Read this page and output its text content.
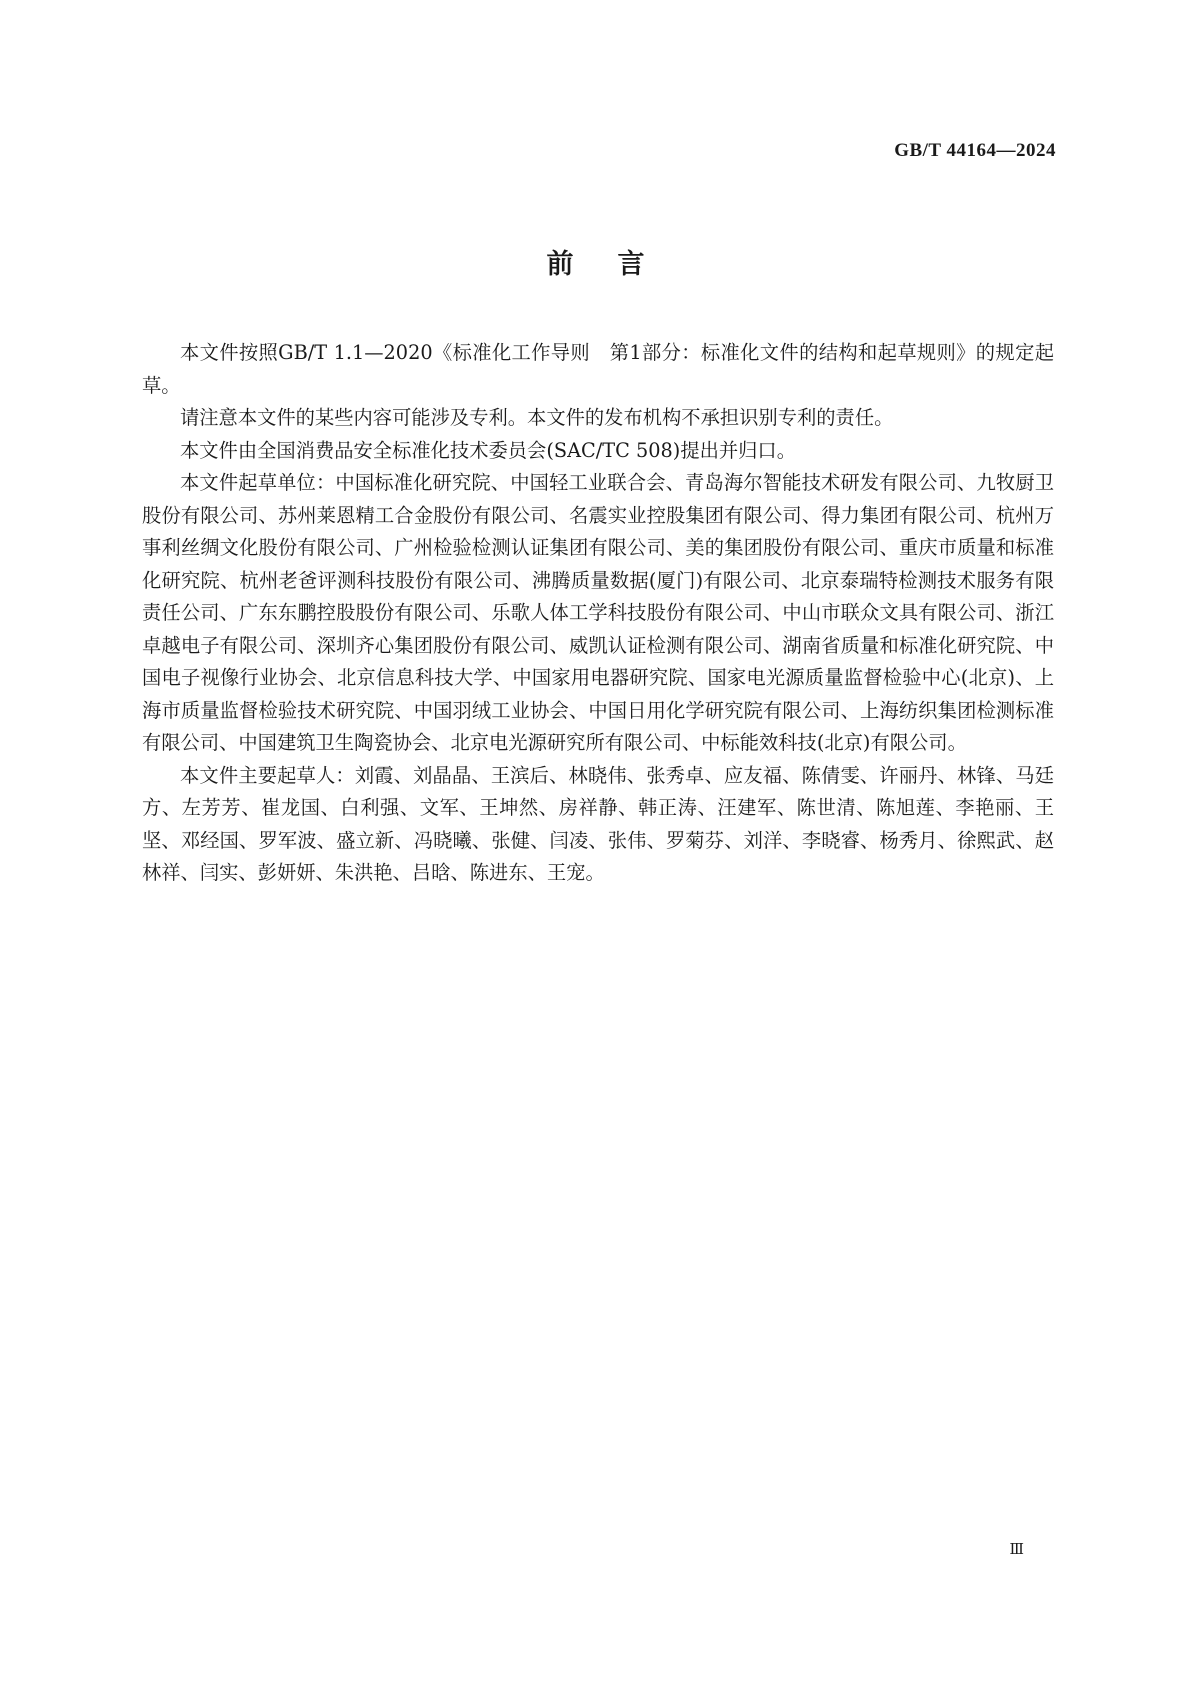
GB/T 44164—2024
前言

本文件按照GB/T 1.1—2020《标准化工作导则　第1部分：标准化文件的结构和起草规则》的规定起草。

请注意本文件的某些内容可能涉及专利。本文件的发布机构不承担识别专利的责任。

本文件由全国消费品安全标准化技术委员会(SAC/TC 508)提出并归口。

本文件起草单位：中国标准化研究院、中国轻工业联合会、青岛海尔智能技术研发有限公司、九牧厨卫股份有限公司、苏州莱恩精工合金股份有限公司、名震实业控股集团有限公司、得力集团有限公司、杭州万事利丝绸文化股份有限公司、广州检验检测认证集团有限公司、美的集团股份有限公司、重庆市质量和标准化研究院、杭州老爸评测科技股份有限公司、沸腾质量数据(厦门)有限公司、北京泰瑞特检测技术服务有限责任公司、广东东鹏控股股份有限公司、乐歌人体工学科技股份有限公司、中山市联众文具有限公司、浙江卓越电子有限公司、深圳齐心集团股份有限公司、威凯认证检测有限公司、湖南省质量和标准化研究院、中国电子视像行业协会、北京信息科技大学、中国家用电器研究院、国家电光源质量监督检验中心(北京)、上海市质量监督检验技术研究院、中国羽绒工业协会、中国日用化学研究院有限公司、上海纺织集团检测标准有限公司、中国建筑卫生陶瓷协会、北京电光源研究所有限公司、中标能效科技(北京)有限公司。

本文件主要起草人：刘霞、刘晶晶、王滨后、林晓伟、张秀卓、应友福、陈倩雯、许丽丹、林锋、马廷方、左芳芳、崔龙国、白利强、文军、王坤然、房祥静、韩正涛、汪建军、陈世清、陈旭莲、李艳丽、王坚、邓经国、罗军波、盛立新、冯晓曦、张健、闫凌、张伟、罗菊芬、刘洋、李晓睿、杨秀月、徐熙武、赵林祥、闫实、彭妍妍、朱洪艳、吕晗、陈进东、王宠。

Ⅲ
